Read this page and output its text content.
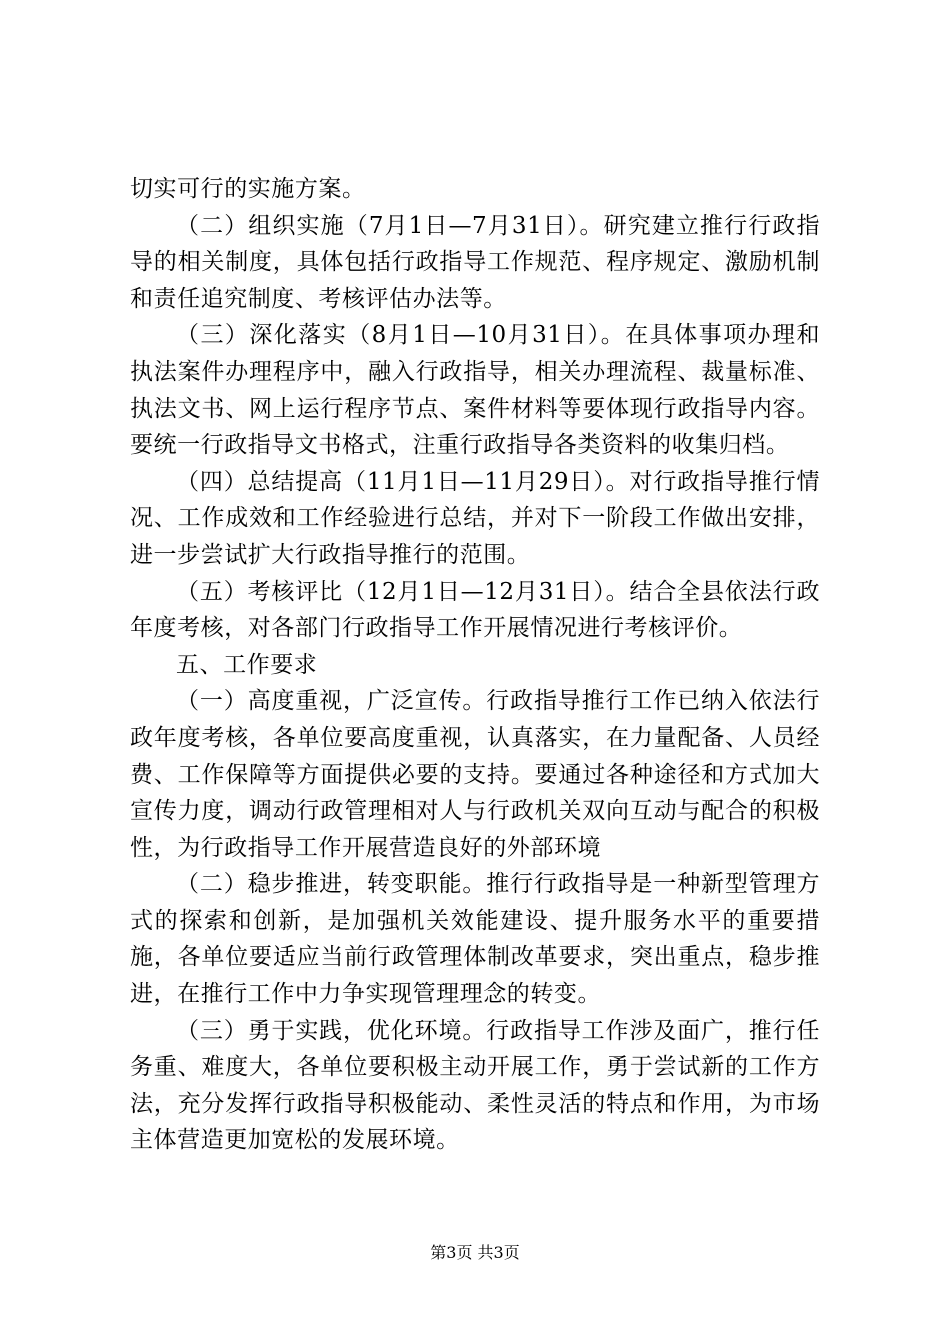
切实可行的实施方案。

（二）组织实施（7月1日—7月31日）。研究建立推行行政指导的相关制度，具体包括行政指导工作规范、程序规定、激励机制和责任追究制度、考核评估办法等。

（三）深化落实（8月1日—10月31日）。在具体事项办理和执法案件办理程序中，融入行政指导，相关办理流程、裁量标准、执法文书、网上运行程序节点、案件材料等要体现行政指导内容。要统一行政指导文书格式，注重行政指导各类资料的收集归档。

（四）总结提高（11月1日—11月29日）。对行政指导推行情况、工作成效和工作经验进行总结，并对下一阶段工作做出安排，进一步尝试扩大行政指导推行的范围。

（五）考核评比（12月1日—12月31日）。结合全县依法行政年度考核，对各部门行政指导工作开展情况进行考核评价。

五、工作要求

（一）高度重视，广泛宣传。行政指导推行工作已纳入依法行政年度考核，各单位要高度重视，认真落实，在力量配备、人员经费、工作保障等方面提供必要的支持。要通过各种途径和方式加大宣传力度，调动行政管理相对人与行政机关双向互动与配合的积极性，为行政指导工作开展营造良好的外部环境

（二）稳步推进，转变职能。推行行政指导是一种新型管理方式的探索和创新，是加强机关效能建设、提升服务水平的重要措施，各单位要适应当前行政管理体制改革要求，突出重点，稳步推进，在推行工作中力争实现管理理念的转变。

（三）勇于实践，优化环境。行政指导工作涉及面广，推行任务重、难度大，各单位要积极主动开展工作，勇于尝试新的工作方法，充分发挥行政指导积极能动、柔性灵活的特点和作用，为市场主体营造更加宽松的发展环境。

第3页 共3页
